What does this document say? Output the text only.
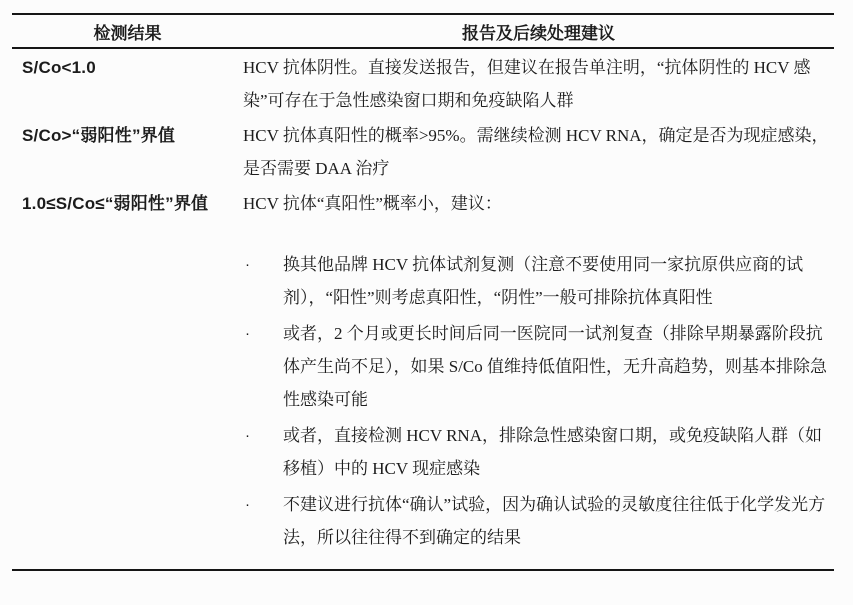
检测结果	报告及后续处理建议
S/Co<1.0	HCV 抗体阴性。直接发送报告，但建议在报告单注明，“抗体阴性的 HCV 感染”可存在于急性感染窗口期和免疫缺陷人群

S/Co>“弱阳性”界值	HCV 抗体真阳性的概率>95%。需继续检测 HCV RNA，确定是否为现症感染，是否需要 DAA 治疗

1.0≤S/Co≤“弱阳性”界值	HCV 抗体“真阳性”概率小，建议：

·	换其他品牌 HCV 抗体试剂复测（注意不要使用同一家抗原供应商的试剂），“阳性”则考虑真阳性，“阴性”一般可排除抗体真阳性
·	或者，2 个月或更长时间后同一医院同一试剂复查（排除早期暴露阶段抗体产生尚不足），如果 S/Co 值维持低值阳性，无升高趋势，则基本排除急性感染可能
·	或者，直接检测 HCV RNA，排除急性感染窗口期，或免疫缺陷人群（如移植）中的 HCV 现症感染
·	不建议进行抗体“确认”试验，因为确认试验的灵敏度往往低于化学发光方法，所以往往得不到确定的结果
